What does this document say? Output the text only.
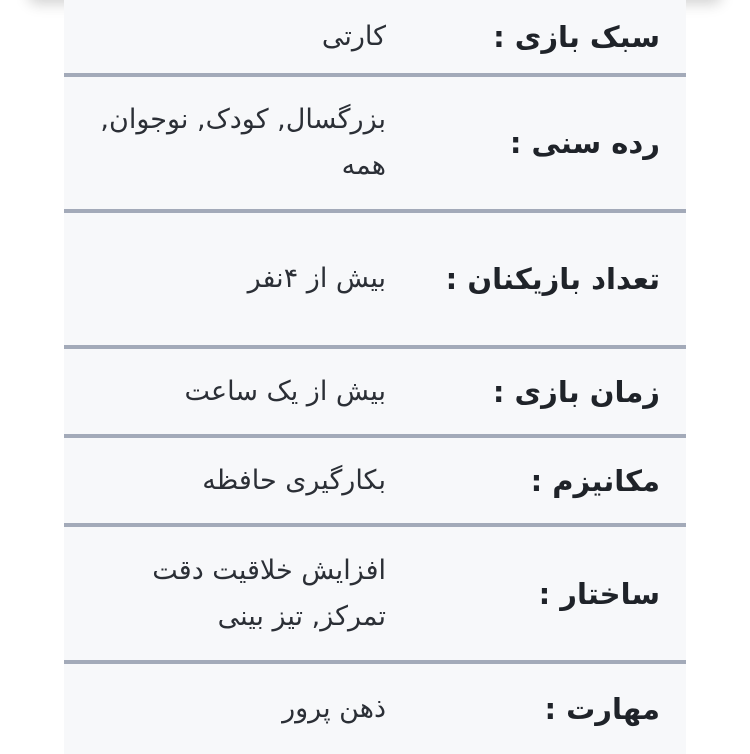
سبک بازی :
کارتی
رده سنی :
بزرگسال, کودک, نوجوان, همه
تعداد بازیکنان :
بیش از ۴نفر
زمان بازی :
بیش از یک ساعت
مکانیزم :
بکارگیری حافظه
ساختار :
افزایش خلاقیت دقت تمرکز, تیز بینی
مهارت :
ذهن پرور
